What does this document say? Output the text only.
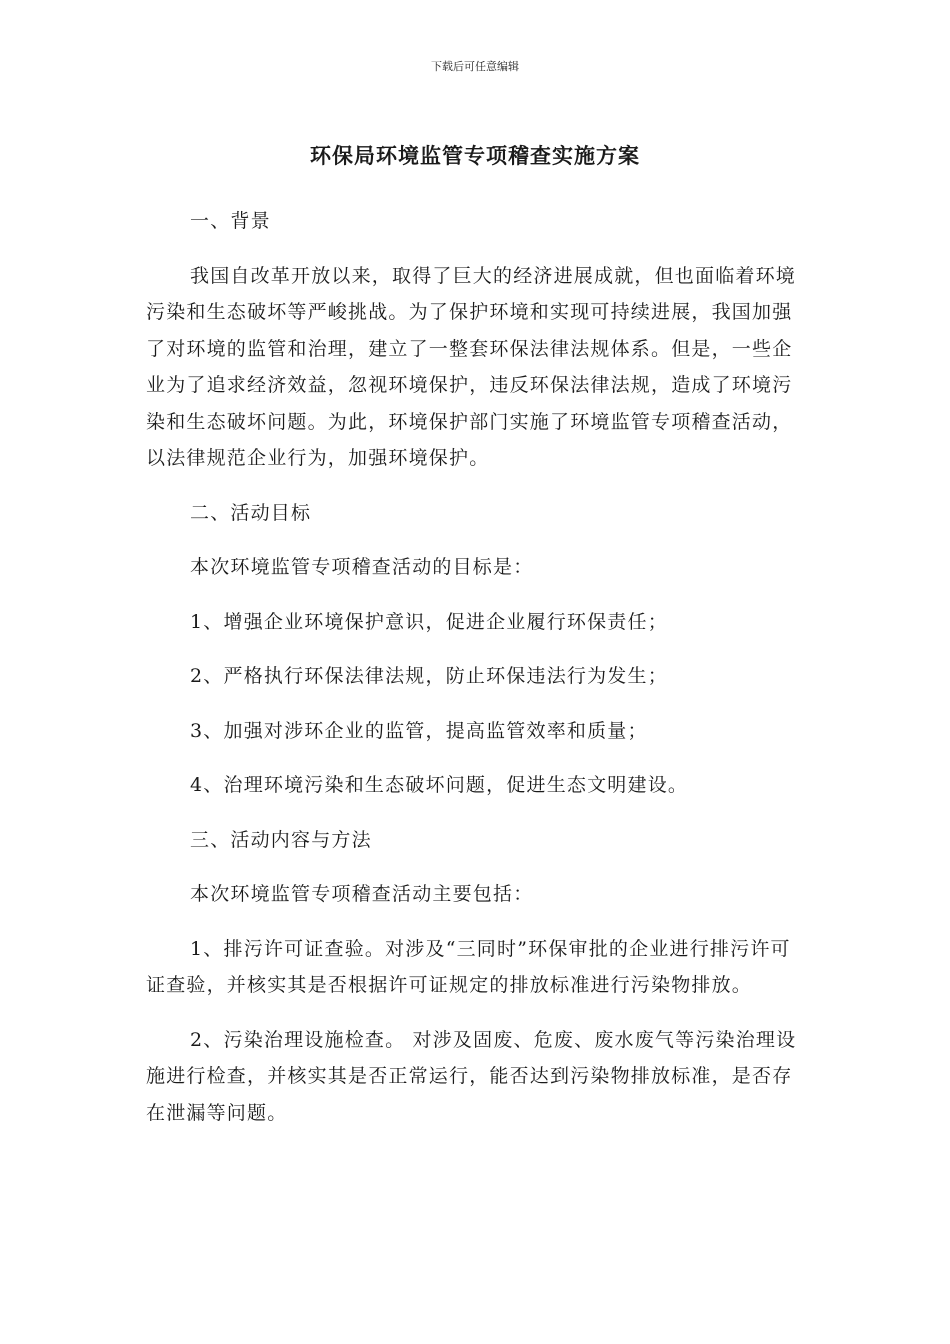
下载后可任意编辑
环保局环境监管专项稽查实施方案

一、背景

我国自改革开放以来，取得了巨大的经济进展成就，但也面临着环境污染和生态破坏等严峻挑战。为了保护环境和实现可持续进展，我国加强了对环境的监管和治理，建立了一整套环保法律法规体系。但是，一些企业为了追求经济效益，忽视环境保护，违反环保法律法规，造成了环境污染和生态破坏问题。为此，环境保护部门实施了环境监管专项稽查活动，以法律规范企业行为，加强环境保护。

二、活动目标

本次环境监管专项稽查活动的目标是：

1、增强企业环境保护意识，促进企业履行环保责任；

2、严格执行环保法律法规，防止环保违法行为发生；

3、加强对涉环企业的监管，提高监管效率和质量；

4、治理环境污染和生态破坏问题，促进生态文明建设。

三、活动内容与方法

本次环境监管专项稽查活动主要包括：

1、排污许可证查验。对涉及“三同时”环保审批的企业进行排污许可证查验，并核实其是否根据许可证规定的排放标准进行污染物排放。

2、污染治理设施检查。 对涉及固废、危废、废水废气等污染治理设施进行检查，并核实其是否正常运行，能否达到污染物排放标准，是否存在泄漏等问题。
